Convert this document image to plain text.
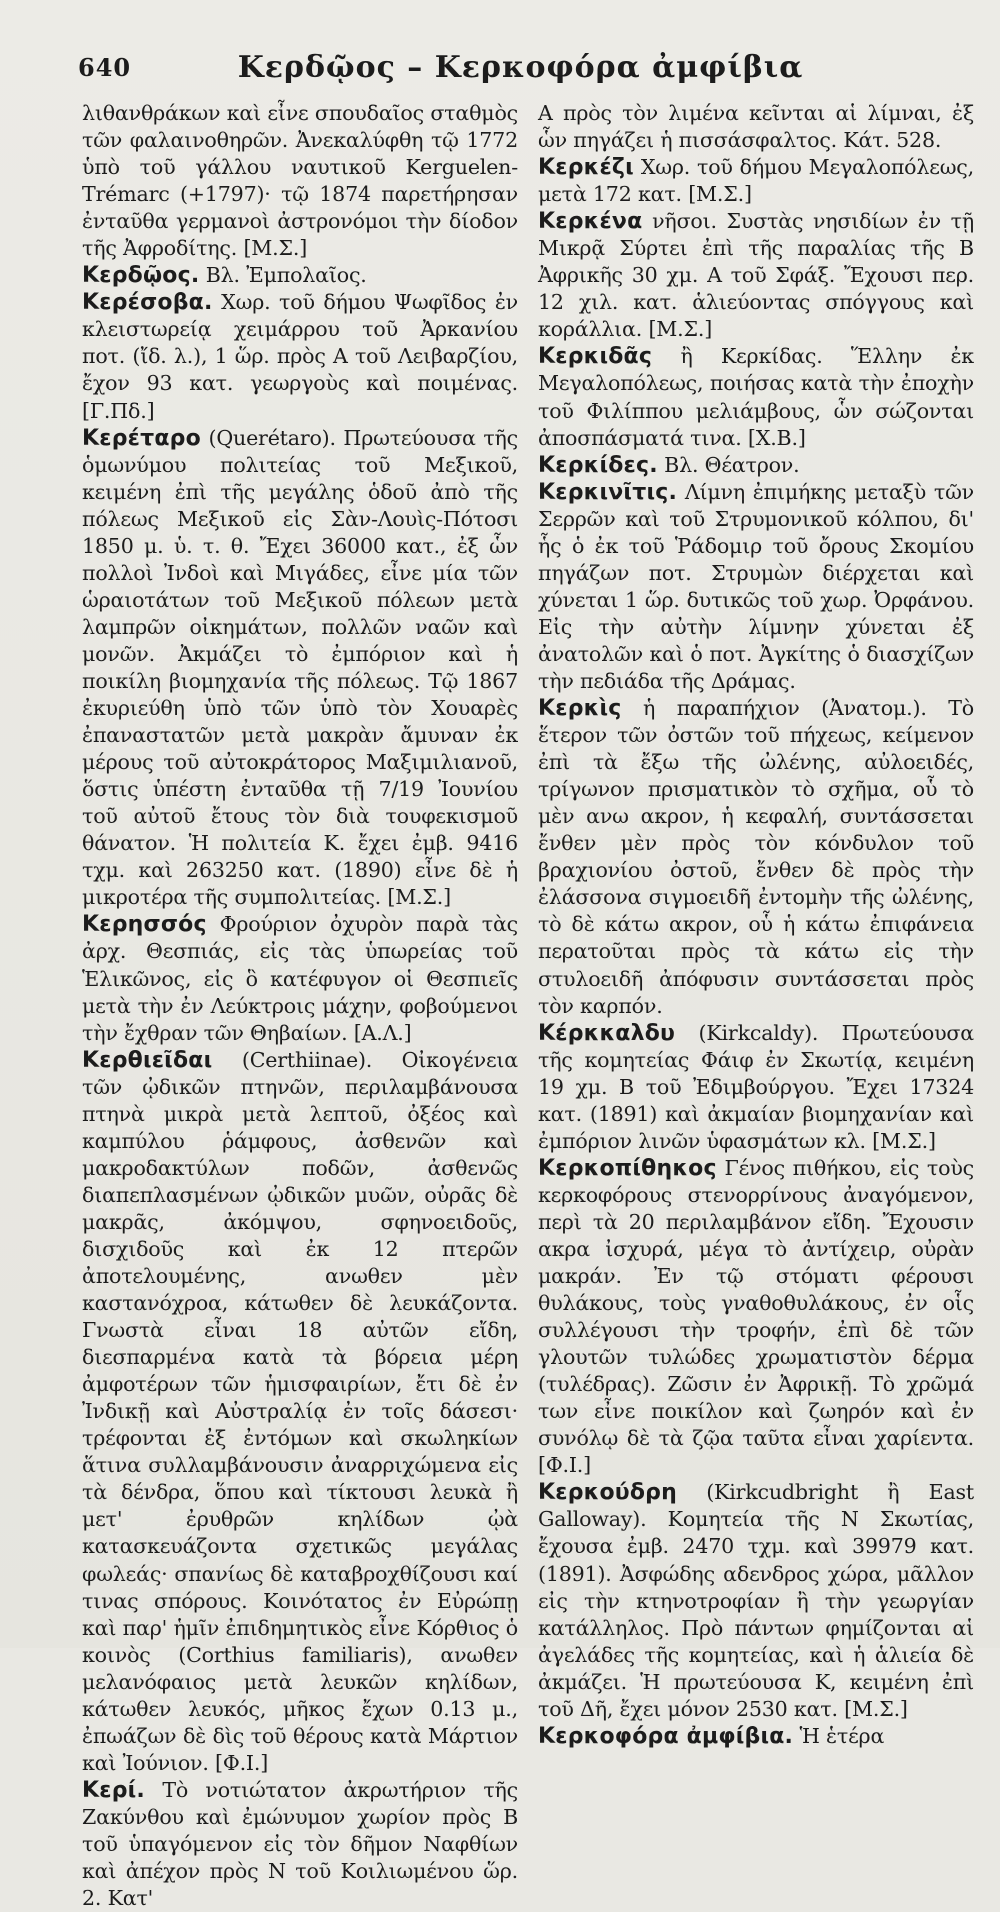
640	Κερδῷος – Κερκοφόρα ἀμφίβια

λιθανθράκων καὶ εἶνε σπουδαῖος σταθμὸς τῶν φαλαινοθηρῶν. Ἀνεκαλύφθη τῷ 1772 ὑπὸ τοῦ γάλλου ναυτικοῦ Kerguelen-Trémarc (+1797)· τῷ 1874 παρετήρησαν ἐνταῦθα γερμανοὶ ἀστρονόμοι τὴν δίοδον τῆς Ἀφροδίτης. [Μ.Σ.]

Κερδῷος. Βλ. Ἐμπολαῖος.

Κερέσοβα. Χωρ. τοῦ δήμου Ψωφῖδος ἐν κλειστωρείᾳ χειμάρρου τοῦ Ἀρκανίου ποτ. (ἴδ. λ.), 1 ὥρ. πρὸς Α τοῦ Λειβαρζίου, ἔχον 93 κατ. γεωργοὺς καὶ ποιμένας. [Γ.Πδ.]

Κερέταρο (Querétaro). Πρωτεύουσα τῆς ὁμωνύμου πολιτείας τοῦ Μεξικοῦ, κειμένη ἐπὶ τῆς μεγάλης ὁδοῦ ἀπὸ τῆς πόλεως Μεξικοῦ εἰς Σὰν-Λουὶς-Πότοσι 1850 μ. ὑ. τ. θ. Ἔχει 36000 κατ., ἐξ ὧν πολλοὶ Ἰνδοὶ καὶ Μιγάδες, εἶνε μία τῶν ὡραιοτάτων τοῦ Μεξικοῦ πόλεων μετὰ λαμπρῶν οἰκημάτων, πολλῶν ναῶν καὶ μονῶν. Ἀκμάζει τὸ ἐμπόριον καὶ ἡ ποικίλη βιομηχανία τῆς πόλεως. Τῷ 1867 ἐκυριεύθη ὑπὸ τῶν ὑπὸ τὸν Χουαρὲς ἐπαναστατῶν μετὰ μακρὰν ἄμυναν ἐκ μέρους τοῦ αὐτοκράτορος Μαξιμιλιανοῦ, ὅστις ὑπέστη ἐνταῦθα τῇ 7/19 Ἰουνίου τοῦ αὐτοῦ ἔτους τὸν διὰ τουφεκισμοῦ θάνατον. Ἡ πολιτεία Κ. ἔχει ἐμβ. 9416 τχμ. καὶ 263250 κατ. (1890) εἶνε δὲ ἡ μικροτέρα τῆς συμπολιτείας. [Μ.Σ.]

Κερησσός Φρούριον ὀχυρὸν παρὰ τὰς ἀρχ. Θεσπιάς, εἰς τὰς ὑπωρείας τοῦ Ἑλικῶνος, εἰς ὃ κατέφυγον οἱ Θεσπιεῖς μετὰ τὴν ἐν Λεύκτροις μάχην, φοβούμενοι τὴν ἔχθραν τῶν Θηβαίων. [Α.Λ.]

Κερθιεῖδαι (Certhiinae). Οἰκογένεια τῶν ᾠδικῶν πτηνῶν, περιλαμβάνουσα πτηνὰ μικρὰ μετὰ λεπτοῦ, ὀξέος καὶ καμπύλου ῥάμφους, ἀσθενῶν καὶ μακροδακτύλων ποδῶν, ἀσθενῶς διαπεπλασμένων ᾠδικῶν μυῶν, οὐρᾶς δὲ μακρᾶς, ἀκόμψου, σφηνοειδοῦς, δισχιδοῦς καὶ ἐκ 12 πτερῶν ἀποτελουμένης, ανωθεν μὲν καστανόχροα, κάτωθεν δὲ λευκάζοντα. Γνωστὰ εἶναι 18 αὐτῶν εἴδη, διεσπαρμένα κατὰ τὰ βόρεια μέρη ἀμφοτέρων τῶν ἡμισφαιρίων, ἔτι δὲ ἐν Ἰνδικῇ καὶ Αὐστραλίᾳ ἐν τοῖς δάσεσι· τρέφονται ἐξ ἐντόμων καὶ σκωληκίων ἅτινα συλλαμβάνουσιν ἀναρριχώμενα εἰς τὰ δένδρα, ὅπου καὶ τίκτουσι λευκὰ ἢ μετ' ἐρυθρῶν κηλίδων ᾠὰ κατασκευάζοντα σχετικῶς μεγάλας φωλεάς· σπανίως δὲ καταβροχθίζουσι καί τινας σπόρους. Κοινότατος ἐν Εὐρώπῃ καὶ παρ' ἡμῖν ἐπιδημητικὸς εἶνε Κόρθιος ὁ κοινὸς (Corthius familiaris), ανωθεν μελανόφαιος μετὰ λευκῶν κηλίδων, κάτωθεν λευκός, μῆκος ἔχων 0.13 μ., ἐπωάζων δὲ δὶς τοῦ θέρους κατὰ Μάρτιον καὶ Ἰούνιον. [Φ.Ι.]

Κερί. Τὸ νοτιώτατον ἀκρωτήριον τῆς Ζακύνθου καὶ ἐμώνυμον χωρίον πρὸς Β τοῦ ὑπαγόμενον εἰς τὸν δῆμον Ναφθίων καὶ ἀπέχον πρὸς Ν τοῦ Κοιλιωμένου ὥρ. 2. Κατ'

Α πρὸς τὸν λιμένα κεῖνται αἱ λίμναι, ἐξ ὧν πηγάζει ἡ πισσάσφαλτος. Κάτ. 528.

Κερκέζι Χωρ. τοῦ δήμου Μεγαλοπόλεως, μετὰ 172 κατ. [Μ.Σ.]

Κερκένα νῆσοι. Συστὰς νησιδίων ἐν τῇ Μικρᾷ Σύρτει ἐπὶ τῆς παραλίας τῆς Β Ἀφρικῆς 30 χμ. Α τοῦ Σφάξ. Ἔχουσι περ. 12 χιλ. κατ. ἁλιεύοντας σπόγγους καὶ κοράλλια. [Μ.Σ.]

Κερκιδᾶς ἢ Κερκίδας. Ἕλλην ἐκ Μεγαλοπόλεως, ποιήσας κατὰ τὴν ἐποχὴν τοῦ Φιλίππου μελιάμβους, ὧν σώζονται ἀποσπάσματά τινα. [Χ.Β.]

Κερκίδες. Βλ. Θέατρον.

Κερκινῖτις. Λίμνη ἐπιμήκης μεταξὺ τῶν Σερρῶν καὶ τοῦ Στρυμονικοῦ κόλπου, δι' ἧς ὁ ἐκ τοῦ Ῥάδομιρ τοῦ ὄρους Σκομίου πηγάζων ποτ. Στρυμὼν διέρχεται καὶ χύνεται 1 ὥρ. δυτικῶς τοῦ χωρ. Ὀρφάνου. Εἰς τὴν αὐτὴν λίμνην χύνεται ἐξ ἀνατολῶν καὶ ὁ ποτ. Ἀγκίτης ὁ διασχίζων τὴν πεδιάδα τῆς Δράμας.

Κερκὶς ἡ παραπήχιον (Ἀνατομ.). Τὸ ἕτερον τῶν ὀστῶν τοῦ πήχεως, κείμενον ἐπὶ τὰ ἔξω τῆς ὠλένης, αὐλοειδές, τρίγωνον πρισματικὸν τὸ σχῆμα, οὗ τὸ μὲν ανω ακρον, ἡ κεφαλή, συντάσσεται ἔνθεν μὲν πρὸς τὸν κόνδυλον τοῦ βραχιονίου ὀστοῦ, ἔνθεν δὲ πρὸς τὴν ἐλάσσονα σιγμοειδῆ ἐντομὴν τῆς ὠλένης, τὸ δὲ κάτω ακρον, οὗ ἡ κάτω ἐπιφάνεια περατοῦται πρὸς τὰ κάτω εἰς τὴν στυλοειδῆ ἀπόφυσιν συντάσσεται πρὸς τὸν καρπόν.

Κέρκκαλδυ (Kirkcaldy). Πρωτεύουσα τῆς κομητείας Φάιφ ἐν Σκωτίᾳ, κειμένη 19 χμ. Β τοῦ Ἐδιμβούργου. Ἔχει 17324 κατ. (1891) καὶ ἀκμαίαν βιομηχανίαν καὶ ἐμπόριον λινῶν ὑφασμάτων κλ. [Μ.Σ.]

Κερκοπίθηκος Γένος πιθήκου, εἰς τοὺς κερκοφόρους στενορρίνους ἀναγόμενον, περὶ τὰ 20 περιλαμβάνον εἴδη. Ἔχουσιν ακρα ἰσχυρά, μέγα τὸ ἀντίχειρ, οὐρὰν μακράν. Ἐν τῷ στόματι φέρουσι θυλάκους, τοὺς γναθοθυλάκους, ἐν οἷς συλλέγουσι τὴν τροφήν, ἐπὶ δὲ τῶν γλουτῶν τυλώδες χρωματιστὸν δέρμα (τυλέδρας). Ζῶσιν ἐν Ἀφρικῇ. Τὸ χρῶμά των εἶνε ποικίλον καὶ ζωηρόν καὶ ἐν συνόλῳ δὲ τὰ ζῷα ταῦτα εἶναι χαρίεντα. [Φ.Ι.]

Κερκούδρη (Kirkcudbright ἢ East Galloway). Κομητεία τῆς Ν Σκωτίας, ἔχουσα ἐμβ. 2470 τχμ. καὶ 39979 κατ. (1891). Ἀσφώδης αδενδρος χώρα, μᾶλλον εἰς τὴν κτηνοτροφίαν ἢ τὴν γεωργίαν κατάλληλος. Πρὸ πάντων φημίζονται αἱ ἀγελάδες τῆς κομητείας, καὶ ἡ ἁλιεία δὲ ἀκμάζει. Ἡ πρωτεύουσα Κ, κειμένη ἐπὶ τοῦ Δῆ, ἔχει μόνον 2530 κατ. [Μ.Σ.]

Κερκοφόρα ἀμφίβια. Ἡ ἑτέρα
